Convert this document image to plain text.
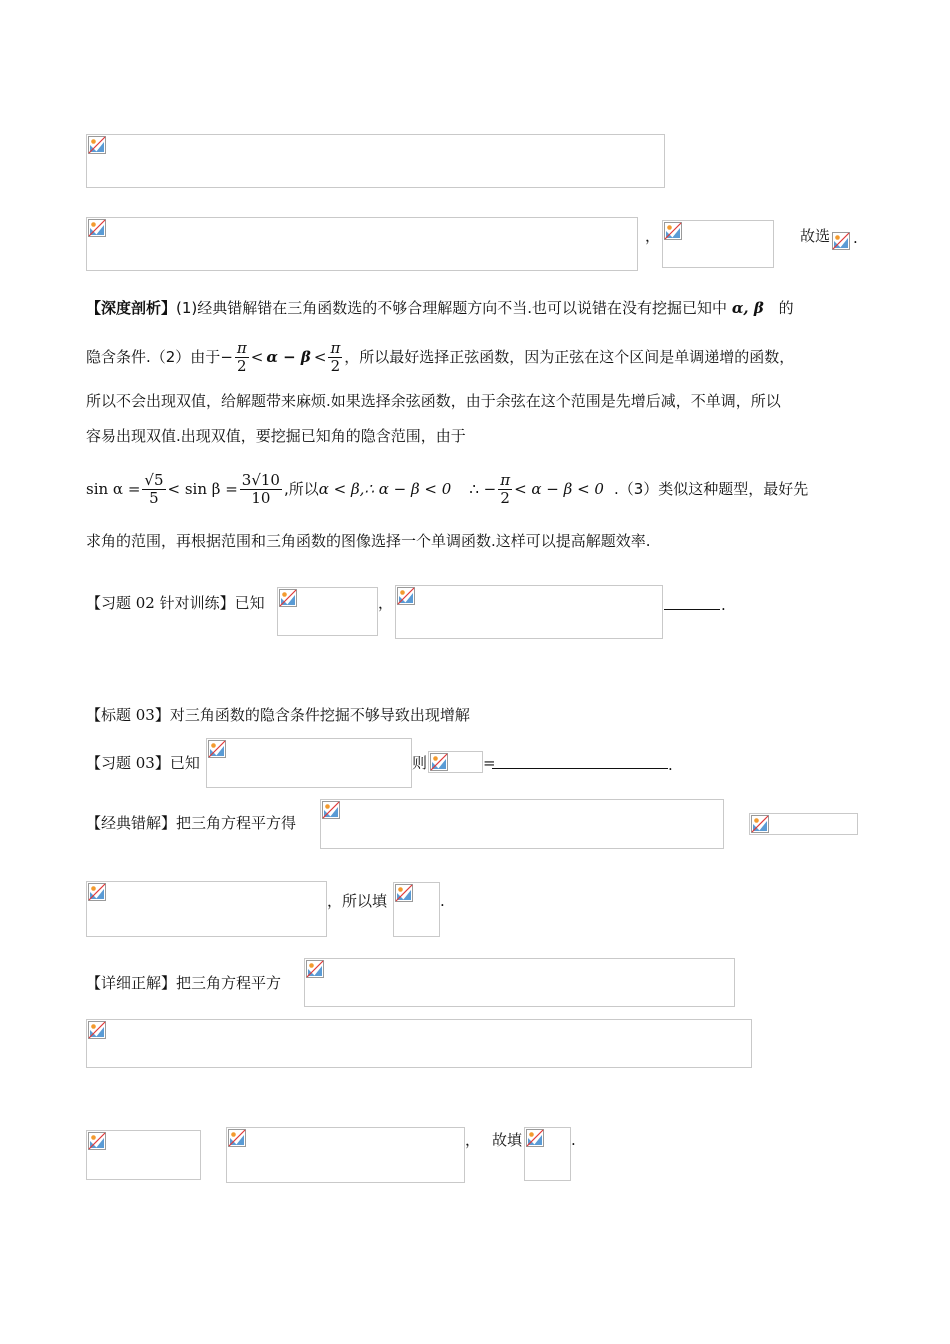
，	故选 .
【深度剖析】(1)经典错解错在三角函数选的不够合理解题方向不当.也可以说错在没有挖掘已知中 α, β 的
隐含条件.（2）由于 − $\frac{\pi}{2} < \alpha - \beta < \frac{\pi}{2}$ ，所以最好选择正弦函数，因为正弦在这个区间是单调递增的函数，
所以不会出现双值，给解题带来麻烦.如果选择余弦函数，由于余弦在这个范围是先增后减，不单调，所以
容易出现双值.出现双值，要挖掘已知角的隐含范围，由于
$\sin \alpha = \frac{√5}{5} < \sin \beta = \frac{3√10}{10}$ ,所以 α < β,∴ α − β < 0 ∴ − $\frac{\pi}{2} < \alpha - \beta < 0$ .（3）类似这种题型，最好先
求角的范围，再根据范围和三角函数的图像选择一个单调函数.这样可以提高解题效率.
【习题 02 针对训练】已知	，	.
【标题 03】对三角函数的隐含条件挖掘不够导致出现增解
【习题 03】已知	则	=	.
【经典错解】把三角方程平方得
，所以填	.
【详细正解】把三角方程平方
， 故填	.
